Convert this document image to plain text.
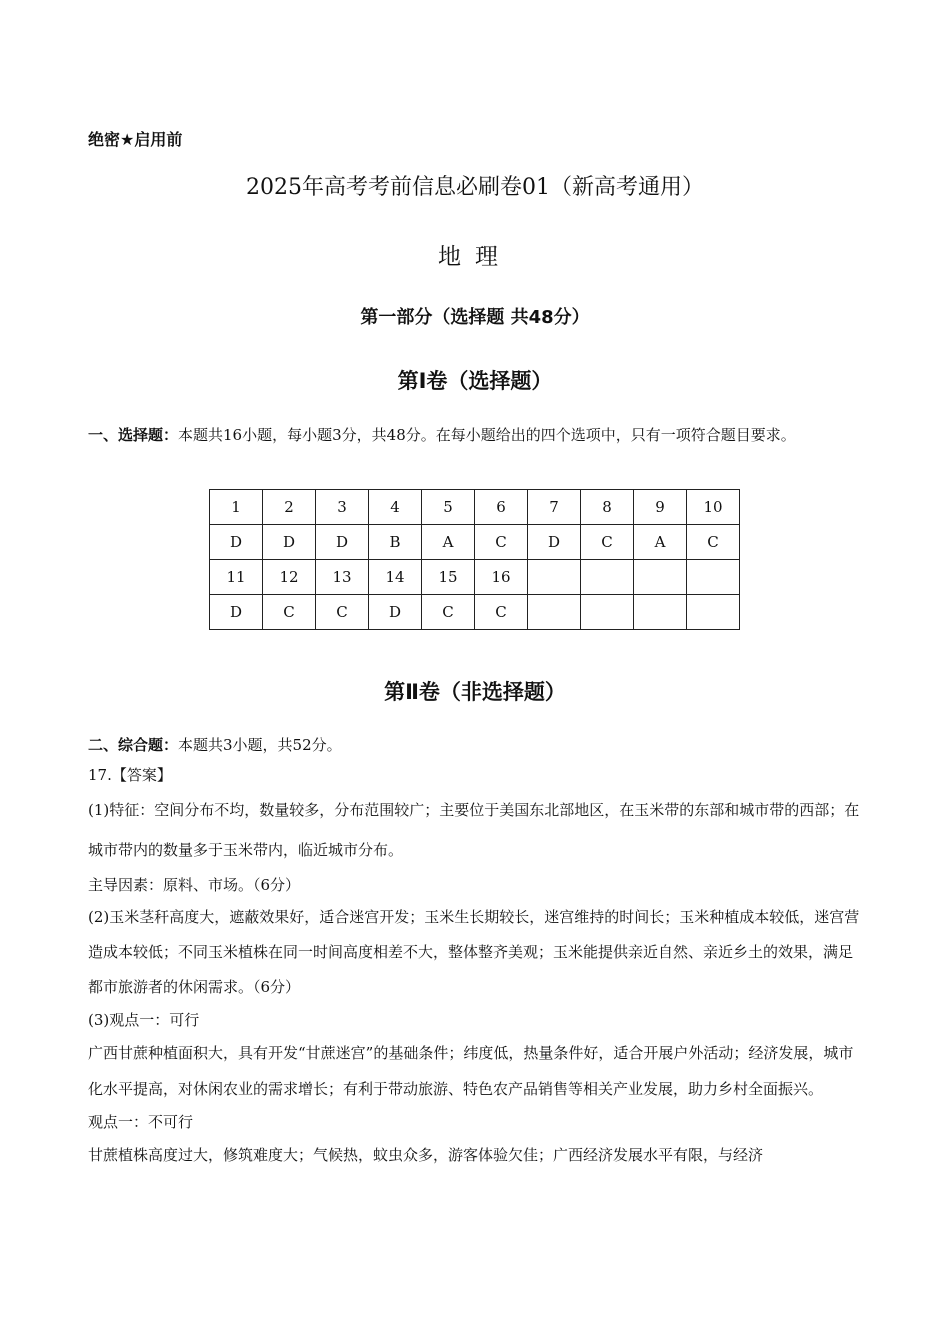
绝密★启用前
2025年高考考前信息必刷卷01（新高考通用）
地理
第一部分（选择题 共48分）
第Ⅰ卷（选择题）
一、选择题：本题共16小题，每小题3分，共48分。在每小题给出的四个选项中，只有一项符合题目要求。
1	2	3	4	5	6	7	8	9	10
D	D	D	B	A	C	D	C	A	C
11	12	13	14	15	16				
D	C	C	D	C	C				
第Ⅱ卷（非选择题）

二、综合题：本题共3小题，共52分。

17.【答案】

(1)特征：空间分布不均，数量较多，分布范围较广；主要位于美国东北部地区，在玉米带的东部和城市带的西部；在城市带内的数量多于玉米带内，临近城市分布。

主导因素：原料、市场。（6分）

(2)玉米茎秆高度大，遮蔽效果好，适合迷宫开发；玉米生长期较长，迷宫维持的时间长；玉米种植成本较低，迷宫营造成本较低；不同玉米植株在同一时间高度相差不大，整体整齐美观；玉米能提供亲近自然、亲近乡土的效果，满足都市旅游者的休闲需求。（6分）

(3)观点一：可行

广西甘蔗种植面积大，具有开发“甘蔗迷宫”的基础条件；纬度低，热量条件好，适合开展户外活动；经济发展，城市化水平提高，对休闲农业的需求增长；有利于带动旅游、特色农产品销售等相关产业发展，助力乡村全面振兴。

观点一：不可行

甘蔗植株高度过大，修筑难度大；气候热，蚊虫众多，游客体验欠佳；广西经济发展水平有限，与经济
